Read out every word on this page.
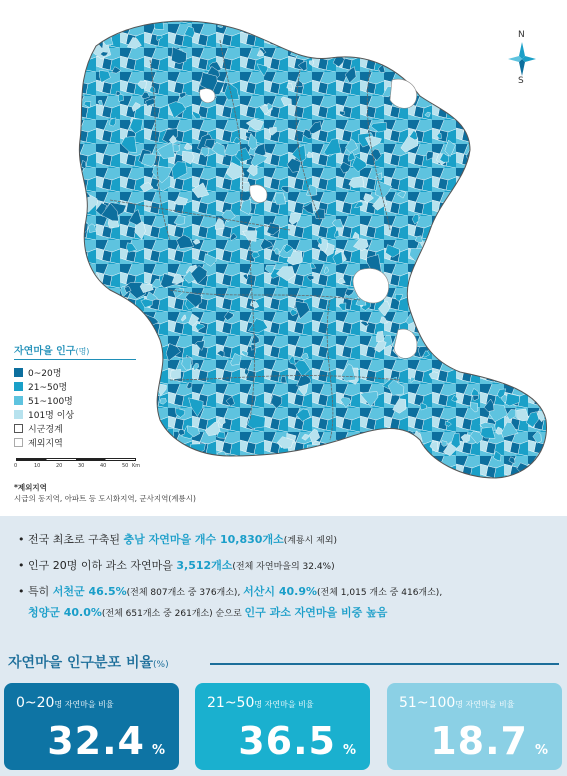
N
S
자연마을 인구(명)
0~20명
21~50명
51~100명
101명 이상
시군경계
제외지역
0	10	20	30	40	50 Km
*제외지역
시급의 동지역, 아파트 등 도시화지역, 군사지역(계룡시)
• 전국 최초로 구축된 충남 자연마을 개수 10,830개소(계룡시 제외)
• 인구 20명 이하 과소 자연마을 3,512개소(전체 자연마을의 32.4%)
• 특히 서천군 46.5%(전체 807개소 중 376개소), 서산시 40.9%(전체 1,015 개소 중 416개소),
청양군 40.0%(전체 651개소 중 261개소) 순으로 인구 과소 자연마을 비중 높음
자연마을 인구분포 비율(%)
0~20명 자연마을 비율
32.4 %
21~50명 자연마을 비율
36.5 %
51~100명 자연마을 비율
18.7 %
